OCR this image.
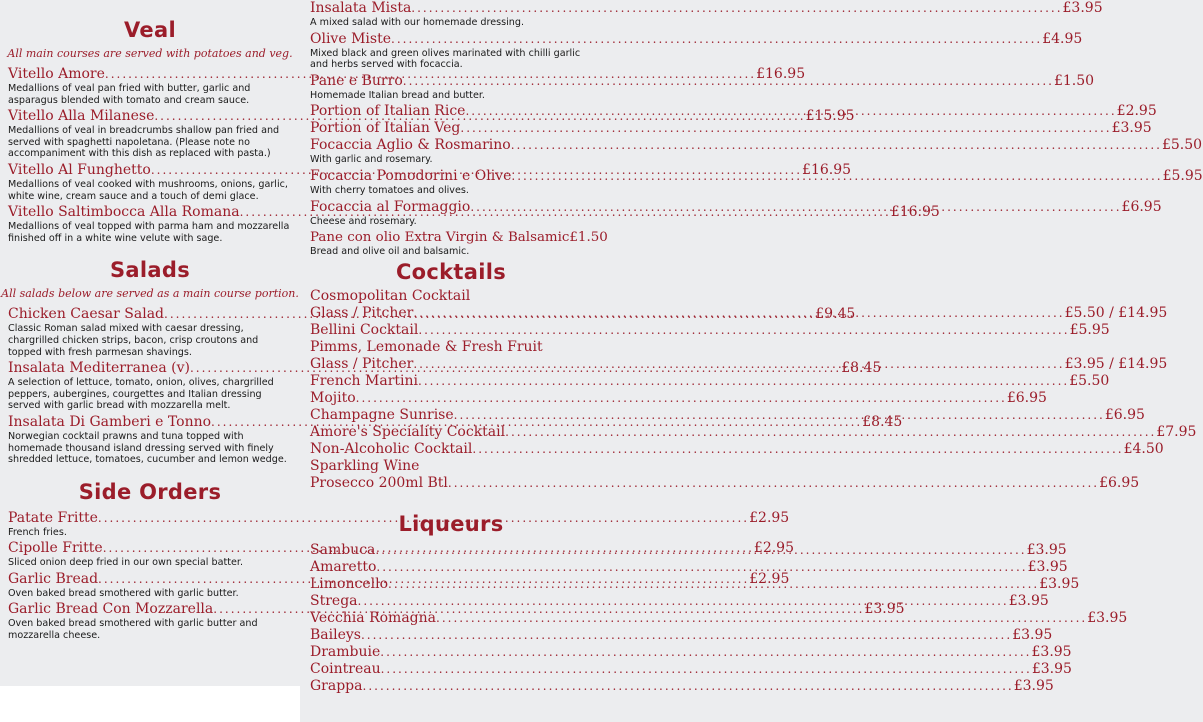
Veal
All main courses are served with potatoes and veg.
Vitello Amore .....	£16.95
Medallions of veal pan fried with butter, garlic and asparagus blended with tomato and cream sauce.
Vitello Alla Milanese .....	£15.95
Medallions of veal in breadcrumbs shallow pan fried and served with spaghetti napoletana. (Please note no accompaniment with this dish as replaced with pasta.)
Vitello Al Funghetto .....	£16.95
Medallions of veal cooked with mushrooms, onions, garlic, white wine, cream sauce and a touch of demi glace.
Vitello Saltimbocca Alla Romana .....	£16.95
Medallions of veal topped with parma ham and mozzarella finished off in a white wine velute with sage.
Salads
All salads below are served as a main course portion.
Chicken Caesar Salad .....	£9.45
Classic Roman salad mixed with caesar dressing, chargrilled chicken strips, bacon, crisp croutons and topped with fresh parmesan shavings.
Insalata Mediterranea (v) .....	£8.45
A selection of lettuce, tomato, onion, olives, chargrilled peppers, aubergines, courgettes and Italian dressing served with garlic bread with mozzarella melt.
Insalata Di Gamberi e Tonno .....	£8.45
Norwegian cocktail prawns and tuna topped with homemade thousand island dressing served with finely shredded lettuce, tomatoes, cucumber and lemon wedge.
Side Orders
Patate Fritte .....	£2.95
French fries.
Cipolle Fritte .....	£2.95
Sliced onion deep fried in our own special batter.
Garlic Bread .....	£2.95
Oven baked bread smothered with garlic butter.
Garlic Bread Con Mozzarella .....	£3.95
Oven baked bread smothered with garlic butter and mozzarella cheese.
Insalata Mista .....	£3.95
A mixed salad with our homemade dressing.
Olive Miste .....	£4.95
Mixed black and green olives marinated with chilli garlic and herbs served with focaccia.
Pane e Burro .....	£1.50
Homemade Italian bread and butter.
Portion of Italian Rice .....	£2.95
Portion of Italian Veg .....	£3.95
Focaccia Aglio & Rosmarino .....	£5.50
With garlic and rosemary.
Focaccia Pomodorini e Olive .....	£5.95
With cherry tomatoes and olives.
Focaccia al Formaggio .....	£6.95
Cheese and rosemary.
Pane con olio Extra Virgin & Balsamic £1.50
Bread and olive oil and balsamic.
Cocktails
Cosmopolitan Cocktail
Glass / Pitcher .....	£5.50 / £14.95
Bellini Cocktail .....	£5.95
Pimms, Lemonade & Fresh Fruit
Glass / Pitcher .....	£3.95 / £14.95
French Martini .....	£5.50
Mojito .....	£6.95
Champagne Sunrise .....	£6.95
Amore's Speciality Cocktail .....	£7.95
Non-Alcoholic Cocktail .....	£4.50
Sparkling Wine
Prosecco 200ml Btl .....	£6.95
Liqueurs
Sambuca .....	£3.95
Amaretto .....	£3.95
Limoncello .....	£3.95
Strega .....	£3.95
Vecchia Romagna .....	£3.95
Baileys .....	£3.95
Drambuie .....	£3.95
Cointreau .....	£3.95
Grappa .....	£3.95
